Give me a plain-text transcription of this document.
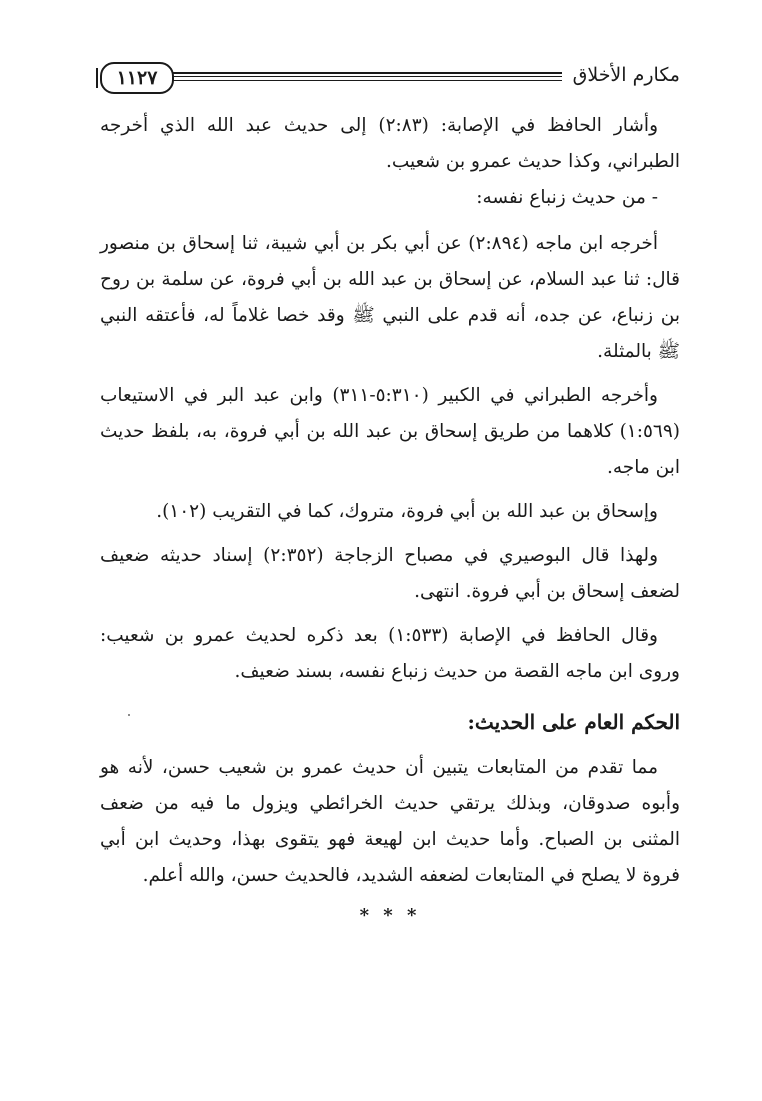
مكارم الأخلاق
١١٢٧

وأشار الحافظ في الإصابة: (٢:٨٣) إلى حديث عبد الله الذي أخرجه الطبراني، وكذا حديث عمرو بن شعيب.

- من حديث زنباع نفسه:

أخرجه ابن ماجه (٢:٨٩٤) عن أبي بكر بن أبي شيبة، ثنا إسحاق بن منصور قال: ثنا عبد السلام، عن إسحاق بن عبد الله بن أبي فروة، عن سلمة بن روح بن زنباع، عن جده، أنه قدم على النبي ﷺ وقد خصا غلاماً له، فأعتقه النبي ﷺ بالمثلة.

وأخرجه الطبراني في الكبير (٥:٣١٠-٣١١) وابن عبد البر في الاستيعاب (١:٥٦٩) كلاهما من طريق إسحاق بن عبد الله بن أبي فروة، به، بلفظ حديث ابن ماجه.

وإسحاق بن عبد الله بن أبي فروة، متروك، كما في التقريب (١٠٢).

ولهذا قال البوصيري في مصباح الزجاجة (٢:٣٥٢) إسناد حديثه ضعيف لضعف إسحاق بن أبي فروة. انتهى.

وقال الحافظ في الإصابة (١:٥٣٣) بعد ذكره لحديث عمرو بن شعيب: وروى ابن ماجه القصة من حديث زنباع نفسه، بسند ضعيف.

الحكم العام على الحديث:

مما تقدم من المتابعات يتبين أن حديث عمرو بن شعيب حسن، لأنه هو وأبوه صدوقان، وبذلك يرتقي حديث الخرائطي ويزول ما فيه من ضعف المثنى بن الصباح. وأما حديث ابن لهيعة فهو يتقوى بهذا، وحديث ابن أبي فروة لا يصلح في المتابعات لضعفه الشديد، فالحديث حسن، والله أعلم.

* * *
